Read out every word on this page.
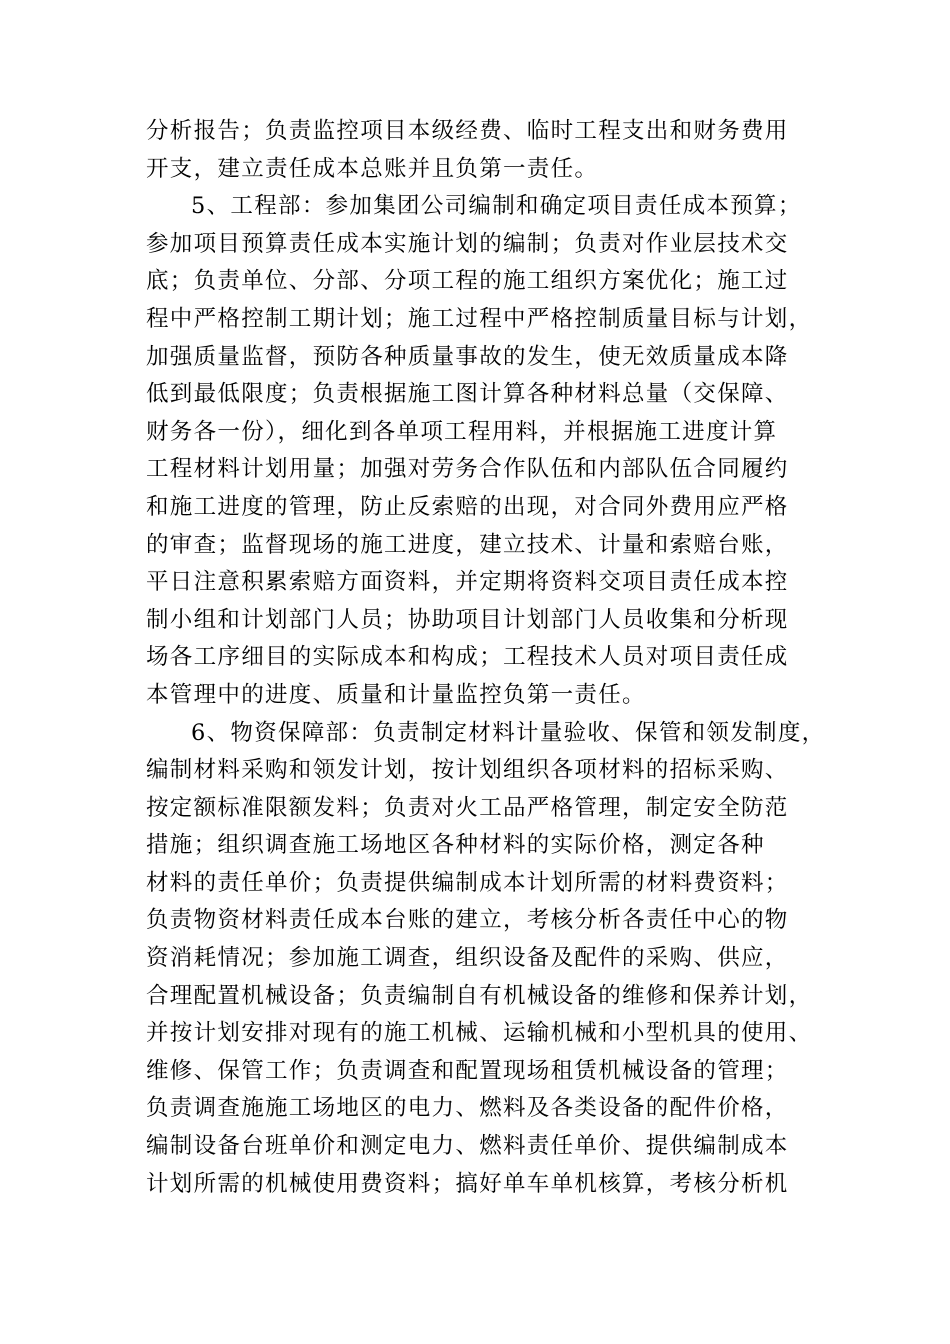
分析报告；负责监控项目本级经费、临时工程支出和财务费用
开支，建立责任成本总账并且负第一责任。
5、工程部：参加集团公司编制和确定项目责任成本预算；
参加项目预算责任成本实施计划的编制；负责对作业层技术交
底；负责单位、分部、分项工程的施工组织方案优化；施工过
程中严格控制工期计划；施工过程中严格控制质量目标与计划，
加强质量监督，预防各种质量事故的发生，使无效质量成本降
低到最低限度；负责根据施工图计算各种材料总量（交保障、
财务各一份），细化到各单项工程用料，并根据施工进度计算
工程材料计划用量；加强对劳务合作队伍和内部队伍合同履约
和施工进度的管理，防止反索赔的出现，对合同外费用应严格
的审查；监督现场的施工进度，建立技术、计量和索赔台账，
平日注意积累索赔方面资料，并定期将资料交项目责任成本控
制小组和计划部门人员；协助项目计划部门人员收集和分析现
场各工序细目的实际成本和构成；工程技术人员对项目责任成
本管理中的进度、质量和计量监控负第一责任。
6、物资保障部：负责制定材料计量验收、保管和领发制度，
编制材料采购和领发计划，按计划组织各项材料的招标采购、
按定额标准限额发料；负责对火工品严格管理，制定安全防范
措施；组织调查施工场地区各种材料的实际价格，测定各种
材料的责任单价；负责提供编制成本计划所需的材料费资料；
负责物资材料责任成本台账的建立，考核分析各责任中心的物
资消耗情况；参加施工调查，组织设备及配件的采购、供应，
合理配置机械设备；负责编制自有机械设备的维修和保养计划，
并按计划安排对现有的施工机械、运输机械和小型机具的使用、
维修、保管工作；负责调查和配置现场租赁机械设备的管理；
负责调查施施工场地区的电力、燃料及各类设备的配件价格，
编制设备台班单价和测定电力、燃料责任单价、提供编制成本
计划所需的机械使用费资料；搞好单车单机核算，考核分析机
